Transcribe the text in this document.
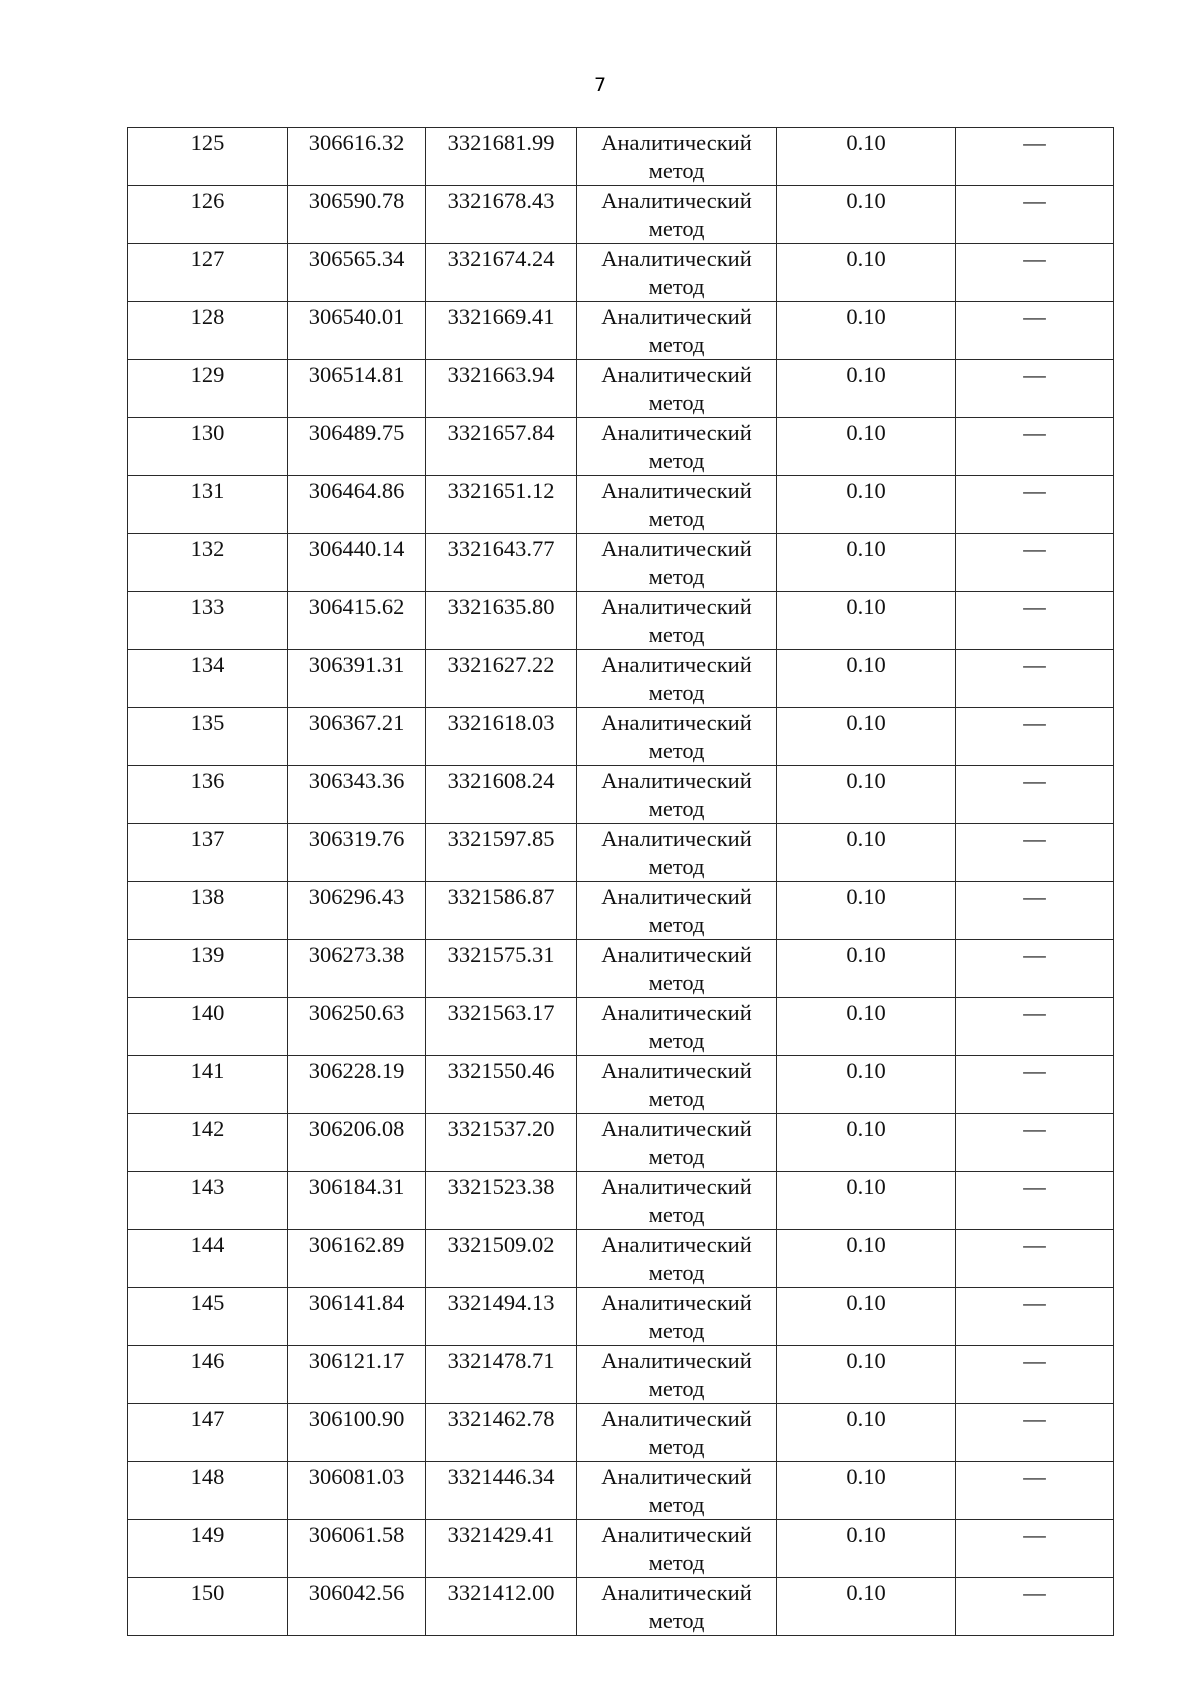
7
125	306616.32	3321681.99	Аналитический метод	0.10	—
126	306590.78	3321678.43	Аналитический метод	0.10	—
127	306565.34	3321674.24	Аналитический метод	0.10	—
128	306540.01	3321669.41	Аналитический метод	0.10	—
129	306514.81	3321663.94	Аналитический метод	0.10	—
130	306489.75	3321657.84	Аналитический метод	0.10	—
131	306464.86	3321651.12	Аналитический метод	0.10	—
132	306440.14	3321643.77	Аналитический метод	0.10	—
133	306415.62	3321635.80	Аналитический метод	0.10	—
134	306391.31	3321627.22	Аналитический метод	0.10	—
135	306367.21	3321618.03	Аналитический метод	0.10	—
136	306343.36	3321608.24	Аналитический метод	0.10	—
137	306319.76	3321597.85	Аналитический метод	0.10	—
138	306296.43	3321586.87	Аналитический метод	0.10	—
139	306273.38	3321575.31	Аналитический метод	0.10	—
140	306250.63	3321563.17	Аналитический метод	0.10	—
141	306228.19	3321550.46	Аналитический метод	0.10	—
142	306206.08	3321537.20	Аналитический метод	0.10	—
143	306184.31	3321523.38	Аналитический метод	0.10	—
144	306162.89	3321509.02	Аналитический метод	0.10	—
145	306141.84	3321494.13	Аналитический метод	0.10	—
146	306121.17	3321478.71	Аналитический метод	0.10	—
147	306100.90	3321462.78	Аналитический метод	0.10	—
148	306081.03	3321446.34	Аналитический метод	0.10	—
149	306061.58	3321429.41	Аналитический метод	0.10	—
150	306042.56	3321412.00	Аналитический метод	0.10	—
